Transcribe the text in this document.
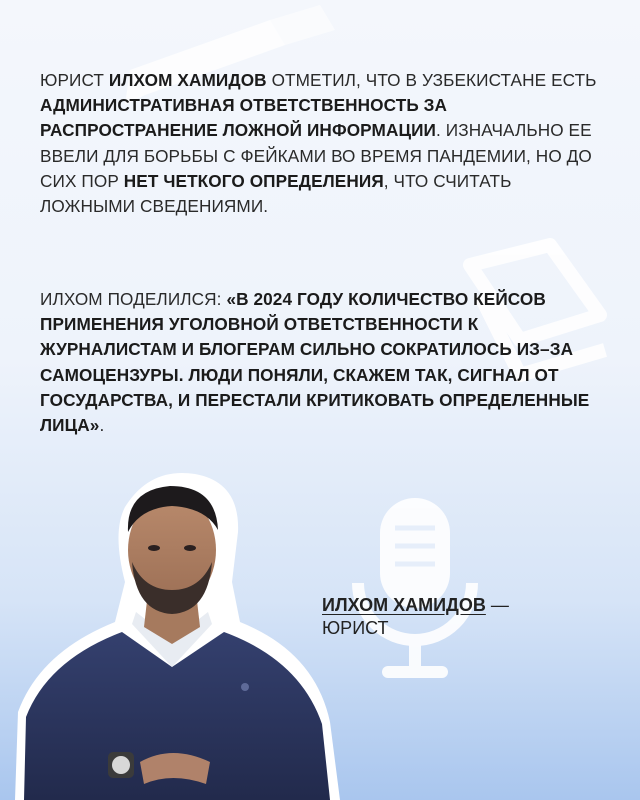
ЮРИСТ ИЛХОМ ХАМИДОВ ОТМЕТИЛ, ЧТО В УЗБЕКИСТАНЕ ЕСТЬ АДМИНИСТРАТИВНАЯ ОТВЕТСТВЕННОСТЬ ЗА РАСПРОСТРАНЕНИЕ ЛОЖНОЙ ИНФОРМАЦИИ. ИЗНАЧАЛЬНО ЕЕ ВВЕЛИ ДЛЯ БОРЬБЫ С ФЕЙКАМИ ВО ВРЕМЯ ПАНДЕМИИ, НО ДО СИХ ПОР НЕТ ЧЕТКОГО ОПРЕДЕЛЕНИЯ, ЧТО СЧИТАТЬ ЛОЖНЫМИ СВЕДЕНИЯМИ.

ИЛХОМ ПОДЕЛИЛСЯ: «В 2024 ГОДУ КОЛИЧЕСТВО КЕЙСОВ ПРИМЕНЕНИЯ УГОЛОВНОЙ ОТВЕТСТВЕННОСТИ К ЖУРНАЛИСТАМ И БЛОГЕРАМ СИЛЬНО СОКРАТИЛОСЬ ИЗ–ЗА САМОЦЕНЗУРЫ. ЛЮДИ ПОНЯЛИ, СКАЖЕМ ТАК, СИГНАЛ ОТ ГОСУДАРСТВА, И ПЕРЕСТАЛИ КРИТИКОВАТЬ ОПРЕДЕЛЕННЫЕ ЛИЦА».

ИЛХОМ ХАМИДОВ —
ЮРИСТ
